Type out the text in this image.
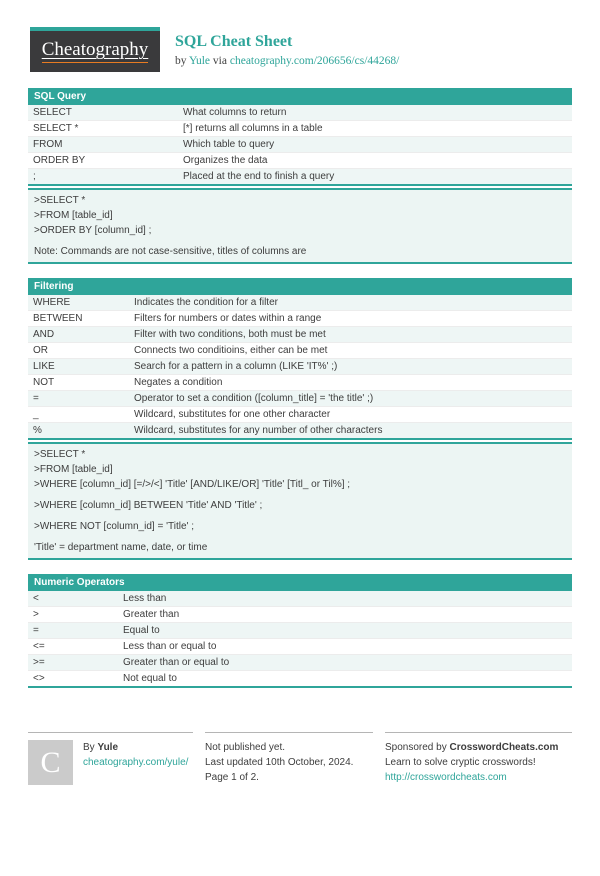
Cheatography SQL Cheat Sheet
by Yule via cheatography.com/206656/cs/44268/
SQL Query
SELECT	What columns to return
SELECT *	[*] returns all columns in a table
FROM	Which table to query
ORDER BY	Organizes the data
;	Placed at the end to finish a query
>SELECT *
>FROM [table_id]
>ORDER BY [column_id] ;
Note: Commands are not case-sensitive, titles of columns are
Filtering
WHERE	Indicates the condition for a filter
BETWEEN	Filters for numbers or dates within a range
AND	Filter with two conditions, both must be met
OR	Connects two conditioins, either can be met
LIKE	Search for a pattern in a column (LIKE 'IT%' ;)
NOT	Negates a condition
=	Operator to set a condition ([column_title] = 'the title' ;)
_	Wildcard, substitutes for one other character
%	Wildcard, substitutes for any number of other characters
>SELECT *
>FROM [table_id]
>WHERE [column_id] [=/>/<] 'Title' [AND/LIKE/OR] 'Title' [Titl_ or Til%] ;
>WHERE [column_id] BETWEEN 'Title' AND 'Title' ;
>WHERE NOT [column_id] = 'Title' ;
'Title' = department name, date, or time
Numeric Operators
<	Less than
>	Greater than
=	Equal to
<=	Less than or equal to
>=	Greater than or equal to
<>	Not equal to
C By Yule
cheatography.com/yule/
Not published yet.
Last updated 10th October, 2024.
Page 1 of 2.
Sponsored by CrosswordCheats.com
Learn to solve cryptic crosswords!
http://crosswordcheats.com
